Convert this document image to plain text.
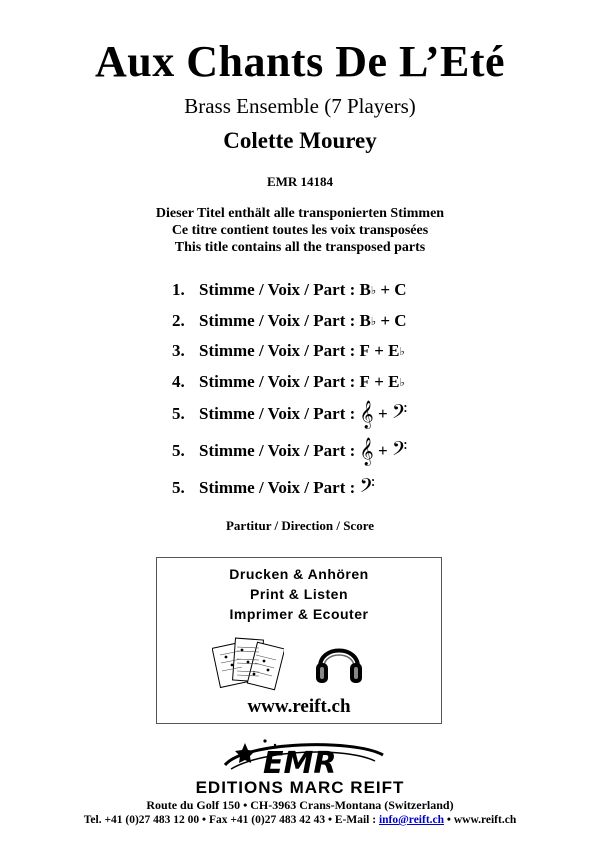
Aux Chants De L’Eté
Brass Ensemble (7 Players)
Colette Mourey
EMR 14184
Dieser Titel enthält alle transponierten Stimmen
Ce titre contient toutes les voix transposées
This title contains all the transposed parts
1. Stimme / Voix / Part :
B ♭
+
C
2. Stimme / Voix / Part :
B ♭
+
C
3. Stimme / Voix / Part :
F
+
E ♭
4. Stimme / Voix / Part :
F
+
E ♭
5. Stimme / Voix / Part :
𝄞
+
𝄢
5. Stimme / Voix / Part :
𝄞
+
𝄢
5. Stimme / Voix / Part :
𝄢
Partitur / Direction / Score
Drucken & Anhören
Print & Listen
Imprimer & Ecouter
www.reift.ch
EMR
EDITIONS MARC REIFT
Route du Golf 150 • CH-3963 Crans-Montana (Switzerland)
Tel. +41 (0)27 483 12 00 • Fax +41 (0)27 483 42 43 • E-Mail : info@reift.ch • www.reift.ch
